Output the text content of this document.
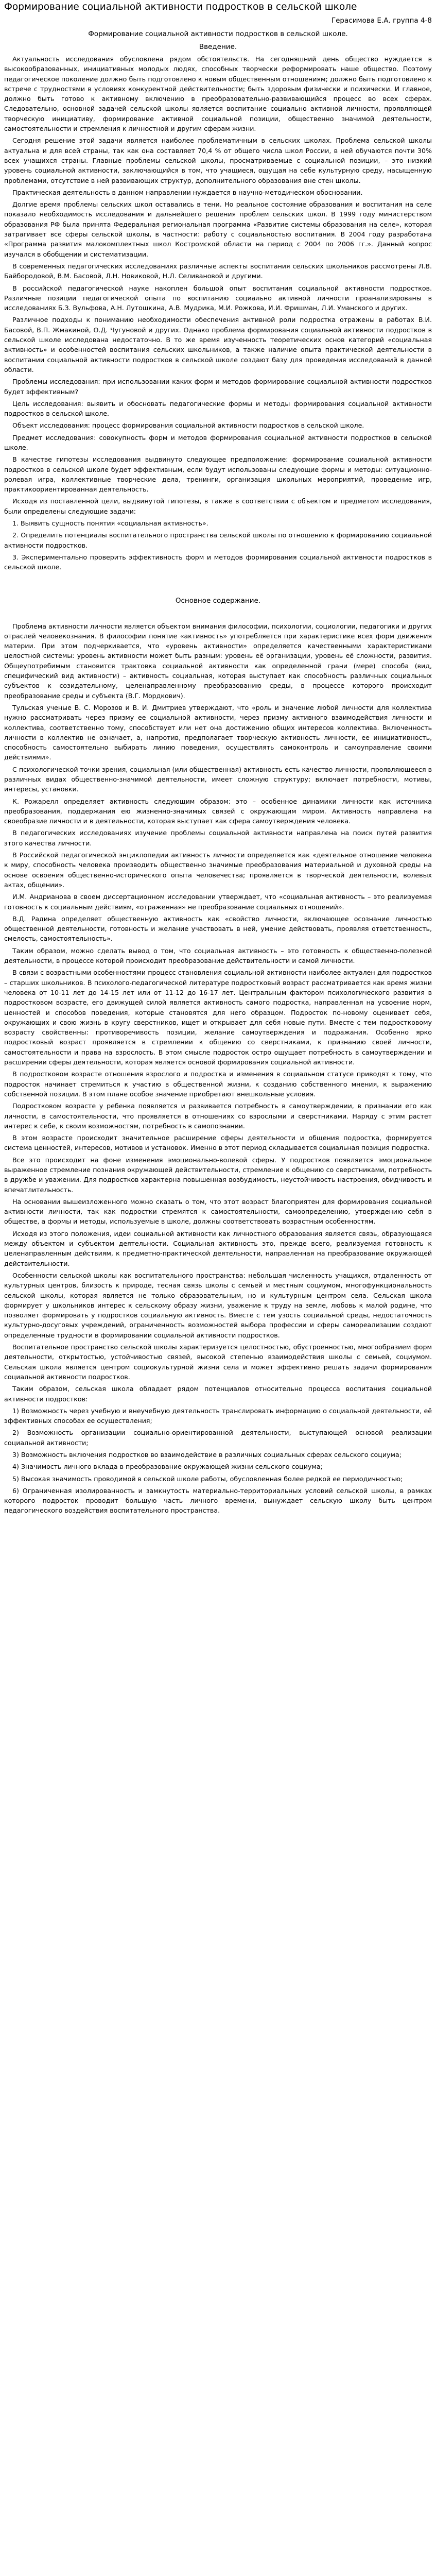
Формирование социальной активности подростков в сельской школе
Герасимова Е.А. группа 4-8
Формирование социальной активности подростков в сельской школе.
Введение.

Актуальность исследования обусловлена рядом обстоятельств. На сегодняшний день общество нуждается в высокообразованных, инициативных молодых людях, способных творчески реформировать наше общество. Поэтому педагогическое поколение должно быть подготовлено к новым общественным отношениям; должно быть подготовлено к встрече с трудностями в условиях конкурентной действительности; быть здоровым физически и психически. И главное, должно быть готово к активному включению в преобразовательно-развивающийся процесс во всех сферах. Следовательно, основной задачей сельской школы является воспитание социально активной личности, проявляющей творческую инициативу, формирование активной социальной позиции, общественно значимой деятельности, самостоятельности и стремления к личностной и другим сферам жизни.

Сегодня решение этой задачи является наиболее проблематичным в сельских школах. Проблема сельской школы актуальна и для всей страны, так как она составляет 70,4 % от общего числа школ России, в ней обучаются почти 30% всех учащихся страны. Главные проблемы сельской школы, просматриваемые с социальной позиции, – это низкий уровень социальной активности, заключающийся в том, что учащиеся, ощущая на себе культурную среду, насыщенную проблемами, отсутствие в ней развивающих структур, дополнительного образования вне стен школы.

Практическая деятельность в данном направлении нуждается в научно-методическом обосновании.

Долгие время проблемы сельских школ оставались в тени. Но реальное состояние образования и воспитания на селе показало необходимость исследования и дальнейшего решения проблем сельских школ. В 1999 году министерством образования РФ была принята Федеральная региональная программа «Развитие системы образования на селе», которая затрагивает все сферы сельской школы, в частности: работу с социальностью воспитания. В 2004 году разработана «Программа развития малокомплектных школ Костромской области на период с 2004 по 2006 гг.». Данный вопрос изучался в обобщении и систематизации.

В современных педагогических исследованиях различные аспекты воспитания сельских школьников рассмотрены Л.В. Байбородовой, В.М. Басовой, Л.Н. Новиковой, Н.Л. Селивановой и другими.

В российской педагогической науке накоплен большой опыт воспитания социальной активности подростков. Различные позиции педагогической опыта по воспитанию социально активной личности проанализированы в исследованиях Б.З. Вульфова, А.Н. Лутошкина, А.В. Мудрика, М.И. Рожкова, И.И. Фришман, Л.И. Уманского и других.

Различное подходы к пониманию необходимости обеспечения активной роли подростка отражены в работах В.И. Басовой, В.П. Жмакиной, О.Д. Чугуновой и других. Однако проблема формирования социальной активности подростков в сельской школе исследована недостаточно. В то же время изученность теоретических основ категорий «социальная активность» и особенностей воспитания сельских школьников, а также наличие опыта практической деятельности в воспитании социальной активности подростков в сельской школе создают базу для проведения исследований в данной области.

Проблемы исследования: при использовании каких форм и методов формирование социальной активности подростков будет эффективным?

Цель исследования: выявить и обосновать педагогические формы и методы формирования социальной активности подростков в сельской школе.

Объект исследования: процесс формирования социальной активности подростков в сельской школе.

Предмет исследования: совокупность форм и методов формирования социальной активности подростков в сельской школе.

В качестве гипотезы исследования выдвинуто следующее предположение: формирование социальной активности подростков в сельской школе будет эффективным, если будут использованы следующие формы и методы: ситуационно-ролевая игра, коллективные творческие дела, тренинги, организация школьных мероприятий, проведение игр, практикоориентированная деятельность.

Исходя из поставленной цели, выдвинутой гипотезы, в также в соответствии с объектом и предметом исследования, были определены следующие задачи:

1. Выявить сущность понятия «социальная активность».

2. Определить потенциалы воспитательного пространства сельской школы по отношению к формированию социальной активности подростков.

3. Экспериментально проверить эффективность форм и методов формирования социальной активности подростков в сельской школе.

Основное содержание.

Проблема активности личности является объектом внимания философии, психологии, социологии, педагогики и других отраслей человекознания. В философии понятие «активность» употребляется при характеристике всех форм движения материи. При этом подчеркивается, что «уровень активности» определяется качественными характеристиками целостной системы: уровень активности может быть разным: уровень её организации, уровень её сложности, развития. Общеупотребимым становится трактовка социальной активности как определенной грани (мере) способа (вид, специфический вид активности) – активность социальная, которая выступает как способность различных социальных субъектов к созидательному, целенаправленному преобразованию среды, в процессе которого происходит преобразование среды и субъекта (В.Г. Мордкович).

Тульская ученые В. С. Морозов и В. И. Дмитриев утверждают, что «роль и значение любой личности для коллектива нужно рассматривать через призму ее социальной активности, через призму активного взаимодействия личности и коллектива, соответственно тому, способствует или нет она достижению общих интересов коллектива. Включенность личности в коллектив не означает, а, напротив, предполагает творческую активность личности, ее инициативность, способность самостоятельно выбирать линию поведения, осуществлять самоконтроль и самоуправление своими действиями».

С психологической точки зрения, социальная (или общественная) активность есть качество личности, проявляющееся в различных видах общественно-значимой деятельности, имеет сложную структуру; включает потребности, мотивы, интересы, установки.

К. Рожарелл определяет активность следующим образом: это – особенное динамики личности как источника преобразования, поддержания ею жизненно-значимых связей с окружающим миром. Активность направлена на своеобразие личности и в деятельности, которая выступает как сфера самоутверждения человека.

В педагогических исследованиях изучение проблемы социальной активности направлена на поиск путей развития этого качества личности.

В Российской педагогической энциклопедии активность личности определяется как «деятельное отношение человека к миру, способность человека производить общественно значимые преобразования материальной и духовной среды на основе освоения общественно-исторического опыта человечества; проявляется в творческой деятельности, волевых актах, общении».

И.М. Андрианова в своем диссертационном исследовании утверждает, что «социальная активность – это реализуемая готовность к социальным действиям, «отраженная» не преобразование социальных отношений».

В.Д. Радина определяет общественную активность как «свойство личности, включающее осознание личностью общественной деятельности, готовность и желание участвовать в ней, умение действовать, проявляя ответственность, смелость, самостоятельность».

Таким образом, можно сделать вывод о том, что социальная активность – это готовность к общественно-полезной деятельности, в процессе которой происходит преобразование действительности и самой личности.

В связи с возрастными особенностями процесс становления социальной активности наиболее актуален для подростков – старших школьников. В психолого-педагогической литературе подростковый возраст рассматривается как время жизни человека от 10-11 лет до 14-15 лет или от 11-12 до 16-17 лет. Центральным фактором психологического развития в подростковом возрасте, его движущей силой является активность самого подростка, направленная на усвоение норм, ценностей и способов поведения, которые становятся для него образцом. Подросток по-новому оценивает себя, окружающих и свою жизнь в кругу сверстников, ищет и открывает для себя новые пути. Вместе с тем подростковому возрасту свойственны: противоречивость позиции, желание самоутверждения и подражания. Особенно ярко подростковый возраст проявляется в стремлении к общению со сверстниками, к признанию своей личности, самостоятельности и права на взрослость. В этом смысле подросток остро ощущает потребность в самоутверждении и расширении сферы деятельности, которая является основой формирования социальной активности.

В подростковом возрасте отношения взрослого и подростка и изменения в социальном статусе приводят к тому, что подросток начинает стремиться к участию в общественной жизни, к созданию собственного мнения, к выражению собственной позиции. В этом плане особое значение приобретают внешкольные условия.

Подростковом возрасте у ребенка появляется и развивается потребность в самоутверждении, в признании его как личности, в самостоятельности, что проявляется в отношениях со взрослыми и сверстниками. Наряду с этим растет интерес к себе, к своим возможностям, потребность в самопознании.

В этом возрасте происходит значительное расширение сферы деятельности и общения подростка, формируется система ценностей, интересов, мотивов и установок. Именно в этот период складывается социальная позиция подростка.

Все это происходит на фоне изменения эмоционально-волевой сферы. У подростков появляется эмоциональное выраженное стремление познания окружающей действительности, стремление к общению со сверстниками, потребность в дружбе и уважении. Для подростков характерна повышенная возбудимость, неустойчивость настроения, обидчивость и впечатлительность.

На основании вышеизложенного можно сказать о том, что этот возраст благоприятен для формирования социальной активности личности, так как подростки стремятся к самостоятельности, самоопределению, утверждению себя в обществе, а формы и методы, используемые в школе, должны соответствовать возрастным особенностям.

Исходя из этого положения, идеи социальной активности как личностного образования является связь, образующаяся между объектом и субъектом деятельности. Социальная активность это, прежде всего, реализуемая готовность к целенаправленным действиям, к предметно-практической деятельности, направленная на преобразование окружающей действительности.

Особенности сельской школы как воспитательного пространства: небольшая численность учащихся, отдаленность от культурных центров, близость к природе, тесная связь школы с семьей и местным социумом, многофункциональность сельской школы, которая является не только образовательным, но и культурным центром села. Сельская школа формирует у школьников интерес к сельскому образу жизни, уважение к труду на земле, любовь к малой родине, что позволяет формировать у подростков социальную активность. Вместе с тем узость социальной среды, недостаточность культурно-досуговых учреждений, ограниченность возможностей выбора профессии и сферы самореализации создают определенные трудности в формировании социальной активности подростков.

Воспитательное пространство сельской школы характеризуется целостностью, обустроенностью, многообразием форм деятельности, открытостью, устойчивостью связей, высокой степенью взаимодействия школы с семьей, социумом. Сельская школа является центром социокультурной жизни села и может эффективно решать задачи формирования социальной активности подростков.

Таким образом, сельская школа обладает рядом потенциалов относительно процесса воспитания социальной активности подростков:

1) Возможность через учебную и внеучебную деятельность транслировать информацию о социальной деятельности, её эффективных способах ее осуществления;

2) Возможность организации социально-ориентированной деятельности, выступающей основой реализации социальной активности;

3) Возможность включения подростков во взаимодействие в различных социальных сферах сельского социума;

4) Значимость личного вклада в преобразование окружающей жизни сельского социума;

5) Высокая значимость проводимой в сельской школе работы, обусловленная более редкой ее периодичностью;

6) Ограниченная изолированность и замкнутость материально-территориальных условий сельской школы, в рамках которого подросток проводит большую часть личного времени, вынуждает сельскую школу быть центром педагогического воздействия воспитательного пространства.
